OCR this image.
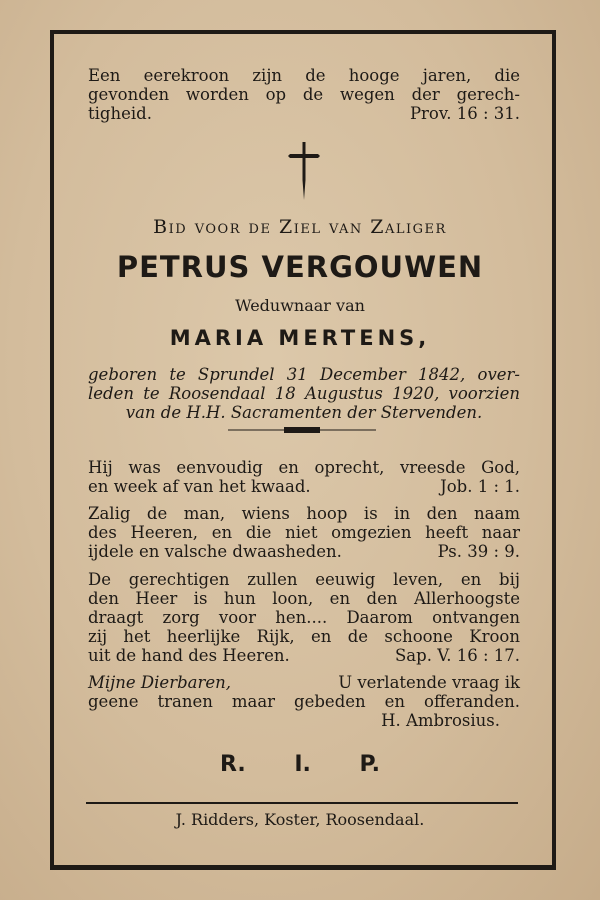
Een eerekroon zijn de hooge jaren, die

gevonden worden op de wegen der gerech-

tigheid.	Prov. 16 : 31.
Bid voor de Ziel van Zaliger
PETRUS VERGOUWEN
Weduwnaar van
MARIA MERTENS,

geboren te Sprundel 31 December 1842, over-

leden te Roosendaal 18 Augustus 1920, voorzien

van de H.H. Sacramenten der Stervenden.

Hij was eenvoudig en oprecht, vreesde God,

en week af van het kwaad.	Job. 1 : 1.

Zalig de man, wiens hoop is in den naam

des Heeren, en die niet omgezien heeft naar

ijdele en valsche dwaasheden.	Ps. 39 : 9.

De gerechtigen zullen eeuwig leven, en bij

den Heer is hun loon, en den Allerhoogste

draagt zorg voor hen.... Daarom ontvangen

zij het heerlijke Rijk, en de schoone Kroon

uit de hand des Heeren.	Sap. V. 16 : 17.
Mijne Dierbaren,	U verlatende vraag ik

geene tranen maar gebeden en offeranden.

H. Ambrosius.

R. I. P.
J. Ridders, Koster, Roosendaal.
